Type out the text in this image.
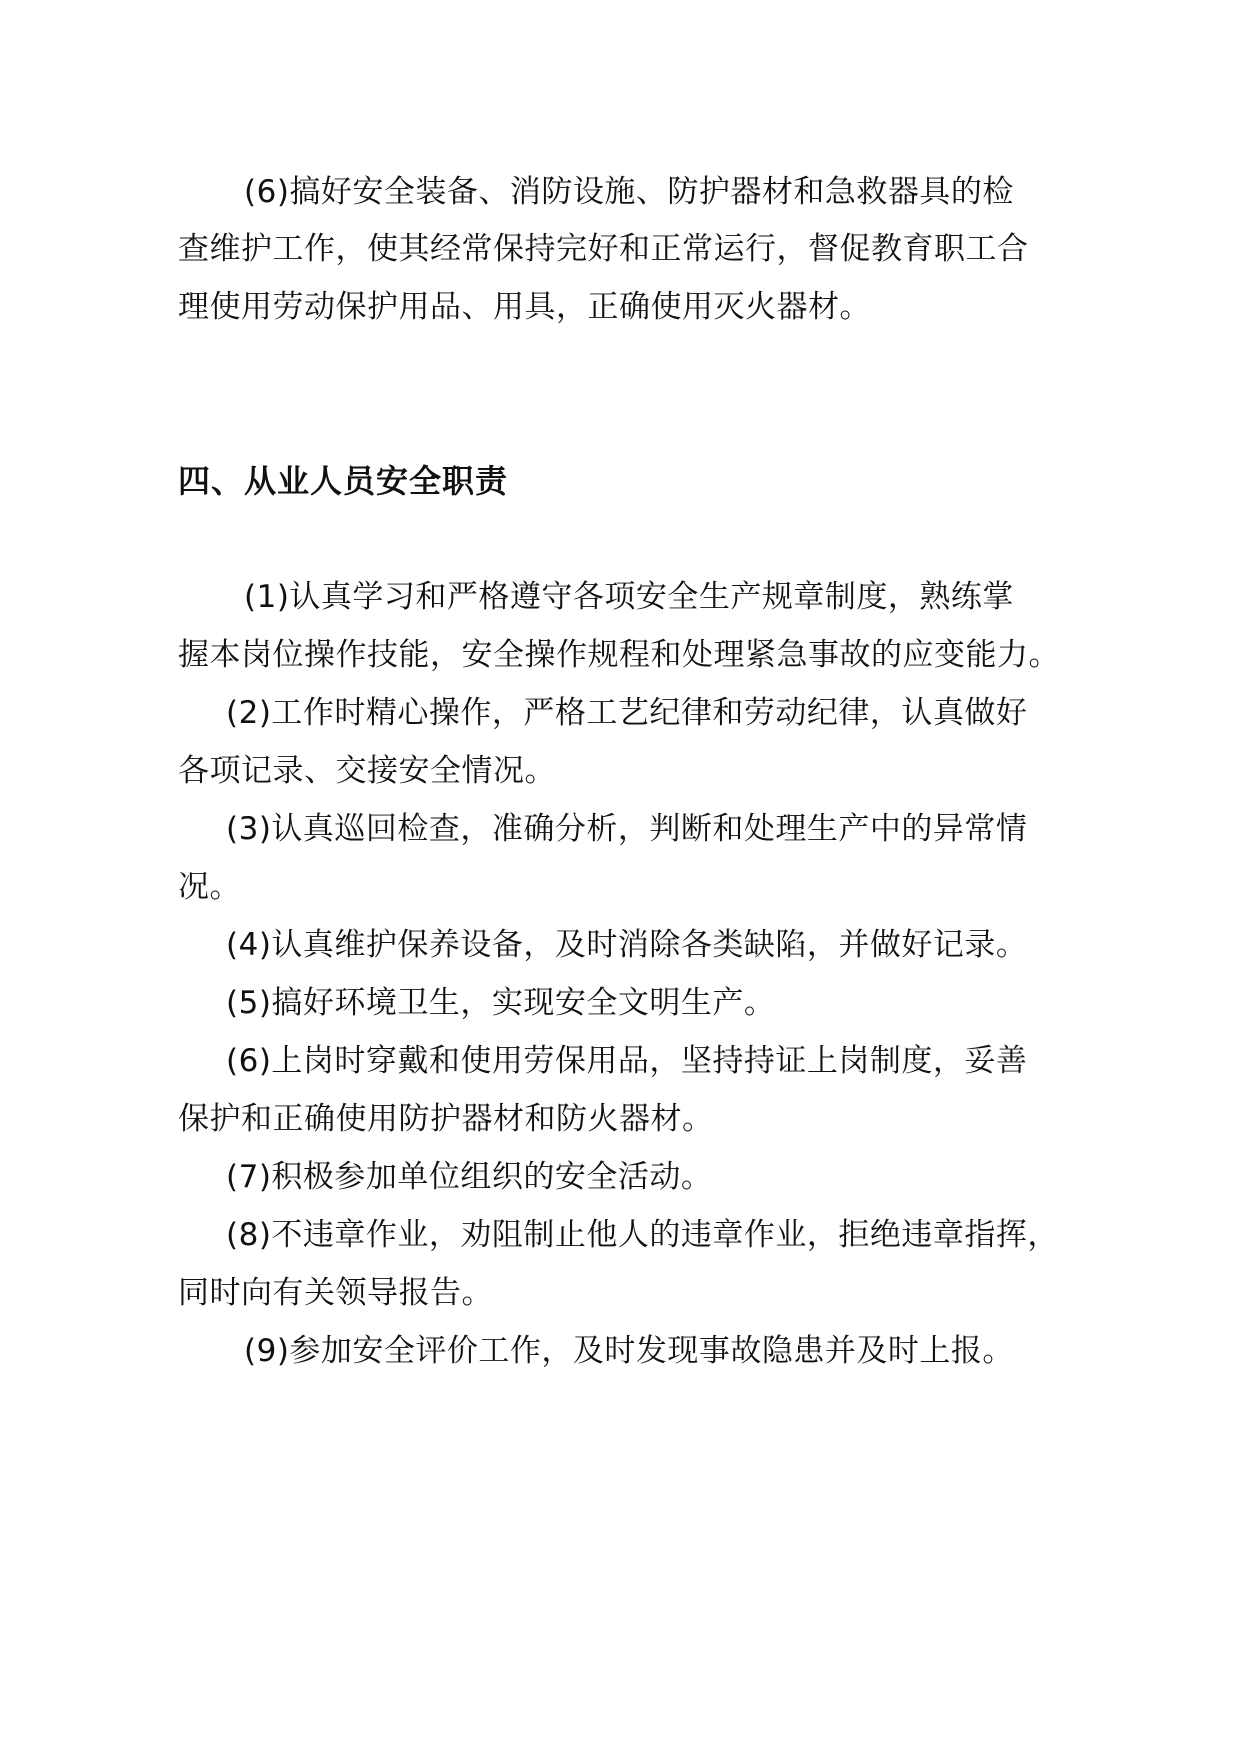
(6)搞好安全装备、消防设施、防护器材和急救器具的检
查维护工作，使其经常保持完好和正常运行，督促教育职工合
理使用劳动保护用品、用具，正确使用灭火器材。
四、从业人员安全职责
(1)认真学习和严格遵守各项安全生产规章制度，熟练掌
握本岗位操作技能，安全操作规程和处理紧急事故的应变能力。
(2)工作时精心操作，严格工艺纪律和劳动纪律，认真做好
各项记录、交接安全情况。
(3)认真巡回检查，准确分析，判断和处理生产中的异常情
况。
(4)认真维护保养设备，及时消除各类缺陷，并做好记录。
(5)搞好环境卫生，实现安全文明生产。
(6)上岗时穿戴和使用劳保用品，坚持持证上岗制度，妥善
保护和正确使用防护器材和防火器材。
(7)积极参加单位组织的安全活动。
(8)不违章作业，劝阻制止他人的违章作业，拒绝违章指挥，
同时向有关领导报告。
(9)参加安全评价工作，及时发现事故隐患并及时上报。
